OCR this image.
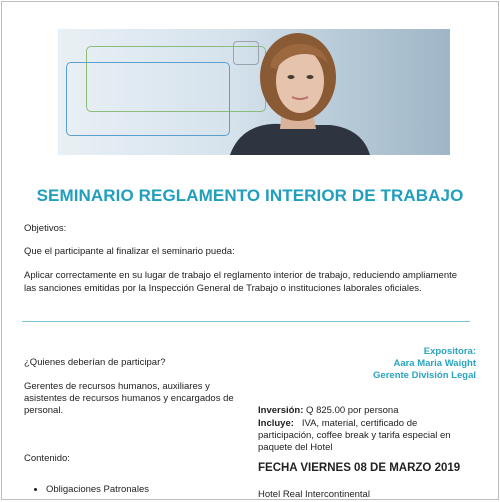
SEMINARIO REGLAMENTO INTERIOR DE TRABAJO
Objetivos:
Que el participante al finalizar el seminario pueda:
Aplicar correctamente en su lugar de trabajo el reglamento interior de trabajo, reduciendo ampliamente
las sanciones emitidas por la Inspección General de Trabajo o instituciones laborales oficiales.
¿Quienes deberían de participar?
Gerentes de recursos humanos, auxiliares y
asistentes de recursos humanos y encargados de
personal.
Expositora:
Aara Maria Waight
Gerente División Legal
Inversión: Q 825.00 por persona
Incluye:   IVA, material, certificado de
participación, coffee break y tarifa especial en
paquete del Hotel
Contenido:
FECHA VIERNES 08 DE MARZO 2019
• Obligaciones Patronales	Hotel Real Intercontinental
